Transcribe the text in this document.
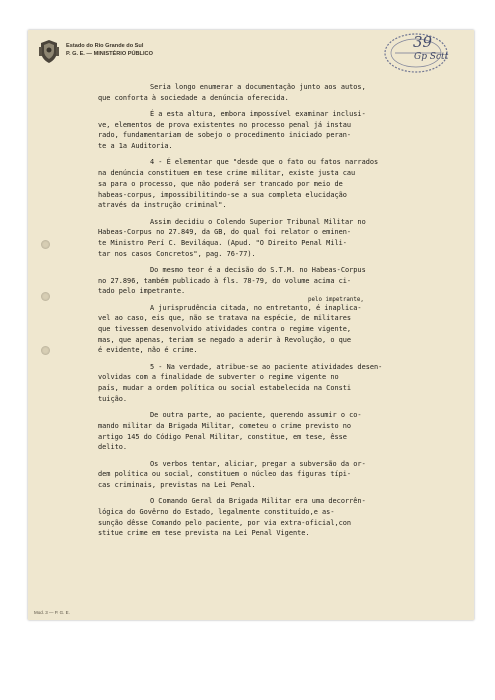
Estado do Rio Grande do Sul
P. G. E. — MINISTÉRIO PÚBLICO
39
Gp Sctt

Seria longo enumerar a documentação junto aos autos,
que conforta à sociedade a denúncia oferecida.

É a esta altura, embora impossível examinar inclusi-
ve, elementos de prova existentes no processo penal já instau
rado, fundamentariam de sobejo o procedimento iniciado peran-
te a 1a Auditoria.

4 - É elementar que "desde que o fato ou fatos narrados
na denúncia constituem em tese crime militar, existe justa cau
sa para o processo, que não poderá ser trancado por meio de
habeas-corpus, impossibilitindo-se a sua completa elucidação
através da instrução criminal".

Assim decidiu o Colendo Superior Tribunal Militar no
Habeas-Corpus no 27.849, da GB, do qual foi relator o eminen-
te Ministro Perí C. Beviláqua. (Apud. "O Direito Penal Mili-
tar nos casos Concretos", pag. 76-77).

Do mesmo teor é a decisão do S.T.M. no Habeas-Corpus
no 27.896, também publicado à fls. 78-79, do volume acima ci-
tado pelo impetrante.

pelo impetrante,
A jurisprudência citada, no entretanto, é inaplica-
vel ao caso, eis que, não se tratava na espécie, de militares
que tivessem desenvolvido atividades contra o regime vigente,
mas, que apenas, teriam se negado a aderir à Revolução, o que
é evidente, não é crime.

5 - Na verdade, atribue-se ao paciente atividades desen-
volvidas com a finalidade de subverter o regime vigente no
país, mudar a ordem política ou social estabelecida na Consti
tuição.

De outra parte, ao paciente, querendo assumir o co-
mando militar da Brigada Militar, cometeu o crime previsto no
artigo 145 do Código Penal Militar, constitue, em tese, êsse
delito.

Os verbos tentar, aliciar, pregar a subversão da or-
dem política ou social, constituem o núcleo das figuras típi-
cas criminais, previstas na Lei Penal.

O Comando Geral da Brigada Militar era uma decorrên-
lógica do Govêrno do Estado, legalmente constituído,e as-
sunção dêsse Comando pelo paciente, por via extra-oficial,con
stitue crime em tese prevista na Lei Penal Vigente.

Mod. 3 — P. G. E.
